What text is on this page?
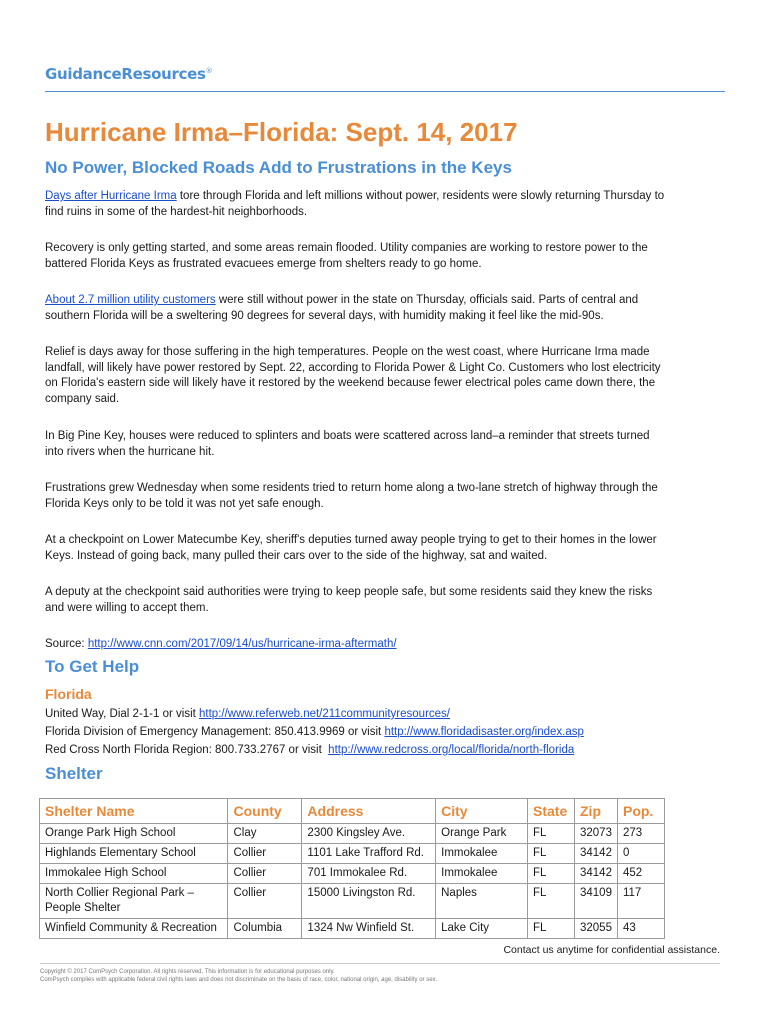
GuidanceResources®
Hurricane Irma–Florida: Sept. 14, 2017
No Power, Blocked Roads Add to Frustrations in the Keys

Days after Hurricane Irma tore through Florida and left millions without power, residents were slowly returning Thursday to find ruins in some of the hardest-hit neighborhoods.

Recovery is only getting started, and some areas remain flooded. Utility companies are working to restore power to the battered Florida Keys as frustrated evacuees emerge from shelters ready to go home.

About 2.7 million utility customers were still without power in the state on Thursday, officials said. Parts of central and southern Florida will be a sweltering 90 degrees for several days, with humidity making it feel like the mid-90s.

Relief is days away for those suffering in the high temperatures. People on the west coast, where Hurricane Irma made landfall, will likely have power restored by Sept. 22, according to Florida Power & Light Co. Customers who lost electricity on Florida's eastern side will likely have it restored by the weekend because fewer electrical poles came down there, the company said.

In Big Pine Key, houses were reduced to splinters and boats were scattered across land–a reminder that streets turned into rivers when the hurricane hit.

Frustrations grew Wednesday when some residents tried to return home along a two-lane stretch of highway through the Florida Keys only to be told it was not yet safe enough.

At a checkpoint on Lower Matecumbe Key, sheriff's deputies turned away people trying to get to their homes in the lower Keys. Instead of going back, many pulled their cars over to the side of the highway, sat and waited.

A deputy at the checkpoint said authorities were trying to keep people safe, but some residents said they knew the risks and were willing to accept them.

Source: http://www.cnn.com/2017/09/14/us/hurricane-irma-aftermath/

To Get Help
Florida

United Way, Dial 2-1-1 or visit http://www.referweb.net/211communityresources/

Florida Division of Emergency Management: 850.413.9969 or visit http://www.floridadisaster.org/index.asp

Red Cross North Florida Region: 800.733.2767 or visit  http://www.redcross.org/local/florida/north-florida

Shelter
Shelter Name	County	Address	City	State	Zip	Pop.
Orange Park High School	Clay	2300 Kingsley Ave.	Orange Park	FL	32073	273
Highlands Elementary School	Collier	1101 Lake Trafford Rd.	Immokalee	FL	34142	0
Immokalee High School	Collier	701 Immokalee Rd.	Immokalee	FL	34142	452
North Collier Regional Park – People Shelter	Collier	15000 Livingston Rd.	Naples	FL	34109	117
Winfield Community & Recreation	Columbia	1324 Nw Winfield St.	Lake City	FL	32055	43

Contact us anytime for confidential assistance.

Copyright © 2017 ComPsych Corporation. All rights reserved. This information is for educational purposes only.

ComPsych complies with applicable federal civil rights laws and does not discriminate on the basis of race, color, national origin, age, disability or sex.
